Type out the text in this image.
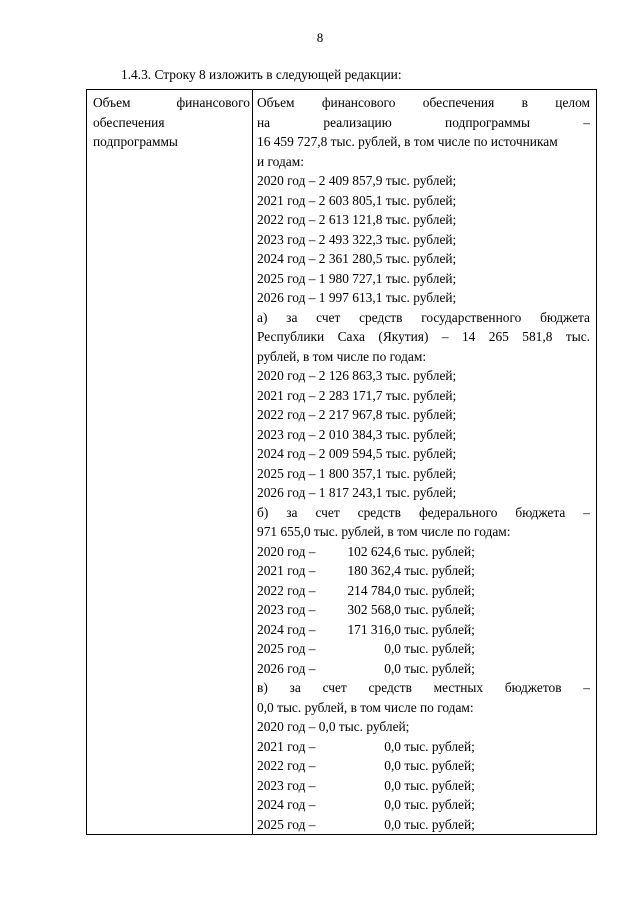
8
1.4.3. Строку 8 изложить в следующей редакции:
Объем финансового обеспечения подпрограммы

Объем финансового обеспечения в целом
на реализацию подпрограммы –
16 459 727,8 тыс. рублей, в том числе по источникам
и годам:
2020 год – 2 409 857,9 тыс. рублей;
2021 год – 2 603 805,1 тыс. рублей;
2022 год – 2 613 121,8 тыс. рублей;
2023 год – 2 493 322,3 тыс. рублей;
2024 год – 2 361 280,5 тыс. рублей;
2025 год – 1 980 727,1 тыс. рублей;
2026 год – 1 997 613,1 тыс. рублей;
а) за счет средств государственного бюджета
Республики Саха (Якутия) – 14 265 581,8 тыс.
рублей, в том числе по годам:
2020 год – 2 126 863,3 тыс. рублей;
2021 год – 2 283 171,7 тыс. рублей;
2022 год – 2 217 967,8 тыс. рублей;
2023 год – 2 010 384,3 тыс. рублей;
2024 год – 2 009 594,5 тыс. рублей;
2025 год – 1 800 357,1 тыс. рублей;
2026 год – 1 817 243,1 тыс. рублей;
б) за счет средств федерального бюджета –
971 655,0 тыс. рублей, в том числе по годам:
2020 год – 102 624,6 тыс. рублей;
2021 год – 180 362,4 тыс. рублей;
2022 год – 214 784,0 тыс. рублей;
2023 год – 302 568,0 тыс. рублей;
2024 год – 171 316,0 тыс. рублей;
2025 год –	0,0 тыс. рублей;
2026 год –	0,0 тыс. рублей;
в) за счет средств местных бюджетов –
0,0 тыс. рублей, в том числе по годам:
2020 год – 0,0 тыс. рублей;
2021 год –	0,0 тыс. рублей;
2022 год –	0,0 тыс. рублей;
2023 год –	0,0 тыс. рублей;
2024 год –	0,0 тыс. рублей;
2025 год –	0,0 тыс. рублей;
